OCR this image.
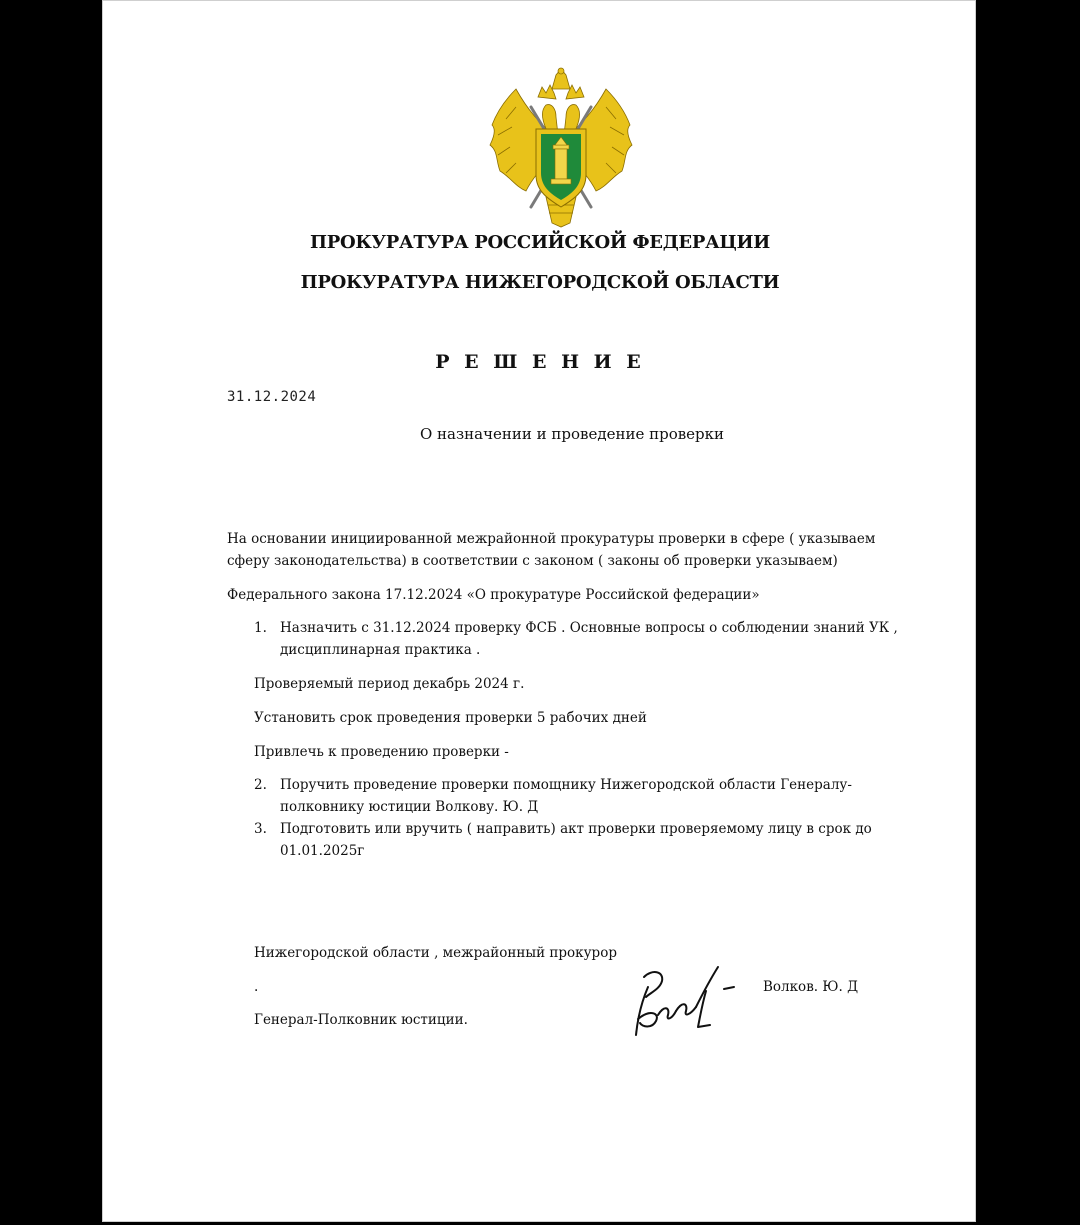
ПРОКУРАТУРА РОССИЙСКОЙ ФЕДЕРАЦИИ
ПРОКУРАТУРА НИЖЕГОРОДСКОЙ ОБЛАСТИ
Р Е Ш Е Н И Е
31.12.2024
О назначении и проведение проверки
На основании инициированной межрайонной прокуратуры проверки в сфере ( указываем
сферу законодательства) в соответствии с законом ( законы об проверки указываем)
Федерального закона 17.12.2024 «О прокуратуре Российской федерации»
1. Назначить с 31.12.2024 проверку ФСБ . Основные вопросы о соблюдении знаний УК ,
дисциплинарная практика .
Проверяемый период декабрь 2024 г.
Установить срок проведения проверки 5 рабочих дней
Привлечь к проведению проверки -
2. Поручить проведение проверки помощнику Нижегородской области Генералу-
полковнику юстиции Волкову. Ю. Д
3. Подготовить или вручить ( направить) акт проверки проверяемому лицу в срок до
01.01.2025г
Нижегородской области , межрайонный прокурор
.
Генерал-Полковник юстиции.
Волков. Ю. Д
